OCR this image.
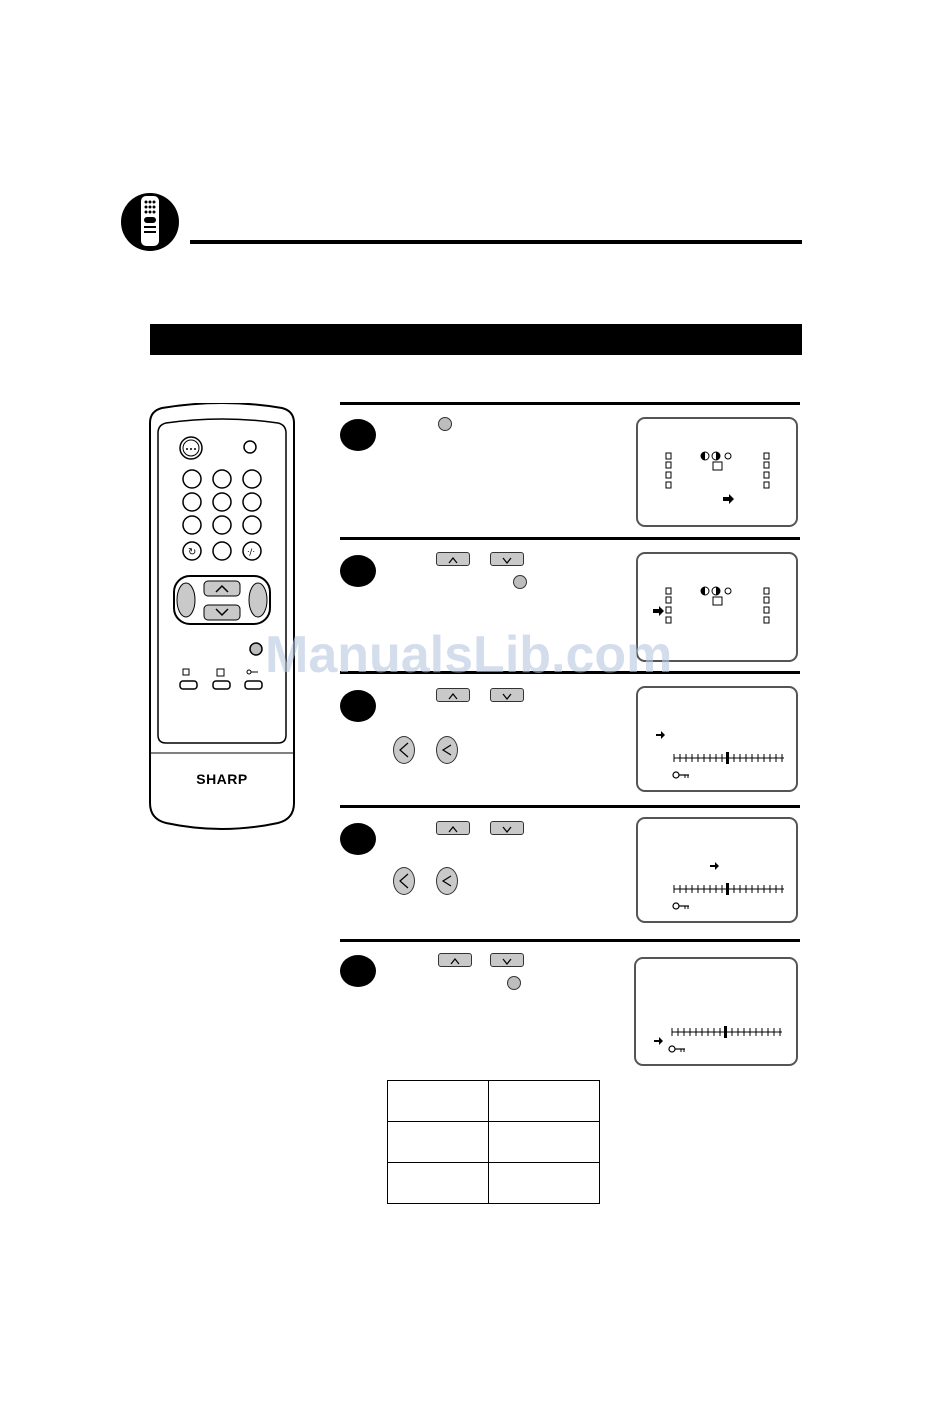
↻	ᐧ/ᐧ
SHARP
ManualsLib.com
